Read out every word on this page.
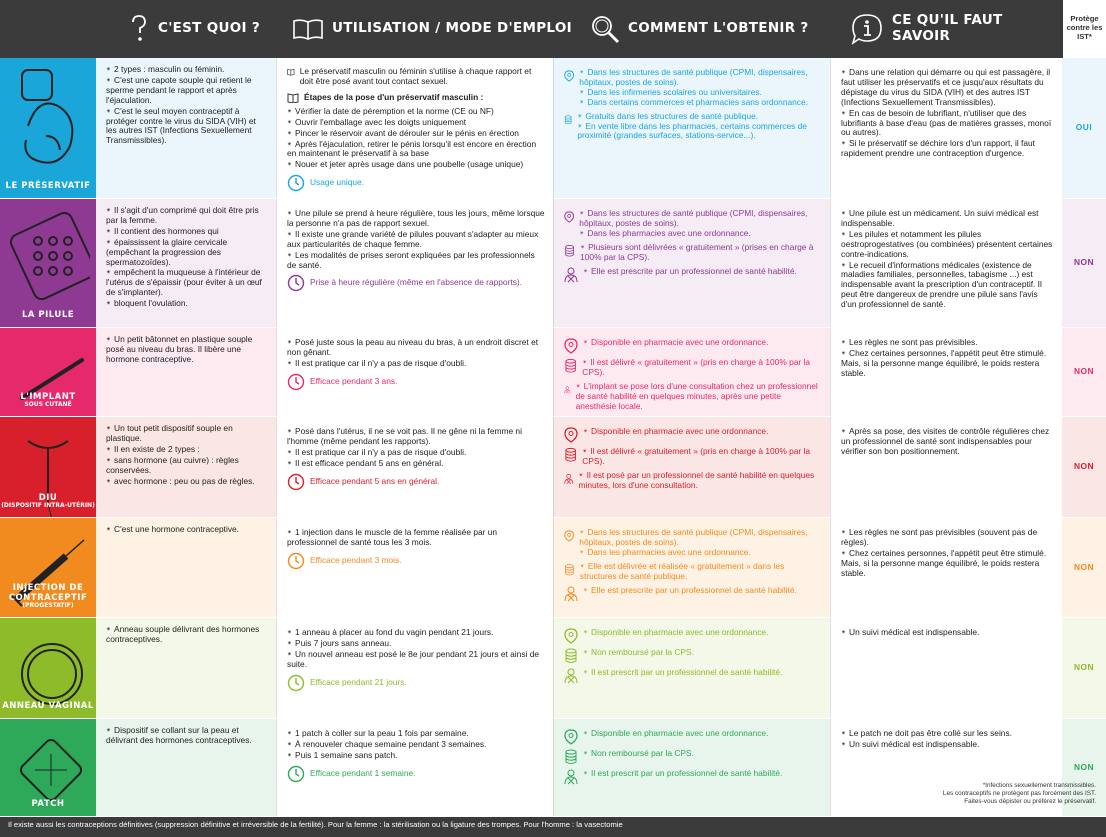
C'EST QUOI ?	UTILISATION / MODE D'EMPLOI	COMMENT L'OBTENIR ?	CE QU'IL FAUT
SAVOIR
Protège contre les IST*
LE PRÉSERVATIF
✴ 2 types : masculin ou féminin.
✴ C'est une capote souple qui retient le sperme pendant le rapport et après l'éjaculation.
✴ C'est le seul moyen contraceptif à protéger contre le virus du SIDA (VIH) et les autres IST (Infections Sexuellement Transmissibles).
Le préservatif masculin ou féminin s'utilise à chaque rapport et doit être posé avant tout contact sexuel.
Étapes de la pose d'un préservatif masculin :
✴ Vérifier la date de péremption et la norme (CE ou NF)
✴ Ouvrir l'emballage avec les doigts uniquement
✴ Pincer le réservoir avant de dérouler sur le pénis en érection
✴ Après l'éjaculation, retirer le pénis lorsqu'il est encore en érection en maintenant le préservatif à sa base
✴ Nouer et jeter après usage dans une poubelle (usage unique)
Usage unique.
✴ Dans les structures de santé publique (CPMI, dispensaires, hôpitaux, postes de soins).
✴ Dans les infirmeries scolaires ou universitaires.
✴ Dans certains commerces et pharmacies sans ordonnance.
✴ Gratuits dans les structures de santé publique.
✴ En vente libre dans les pharmacies, certains commerces de proximité (grandes surfaces, stations-service...).
✴ Dans une relation qui démarre ou qui est passagère, il faut utiliser les préservatifs et ce jusqu'aux résultats du dépistage du virus du SIDA (VIH) et des autres IST (Infections Sexuellement Transmissibles).
✴ En cas de besoin de lubrifiant, n'utiliser que des lubrifiants à base d'eau (pas de matières grasses, monoï ou autres).
✴ Si le préservatif se déchire lors d'un rapport, il faut rapidement prendre une contraception d'urgence.
OUI
LA PILULE
✴ Il s'agit d'un comprimé qui doit être pris par la femme.
✴ Il contient des hormones qui
✴ épaississent la glaire cervicale (empêchant la progression des spermatozoïdes).
✴ empêchent la muqueuse à l'intérieur de l'utérus de s'épaissir (pour éviter à un œuf de s'implanter).
✴ bloquent l'ovulation.
✴ Une pilule se prend à heure régulière, tous les jours, même lorsque la personne n'a pas de rapport sexuel.
✴ Il existe une grande variété de pilules pouvant s'adapter au mieux aux particularités de chaque femme.
✴ Les modalités de prises seront expliquées par les professionnels de santé.
Prise à heure régulière (même en l'absence de rapports).
✴ Dans les structures de santé publique (CPMI, dispensaires, hôpitaux, postes de soins).
✴ Dans les pharmacies avec une ordonnance.
✴ Plusieurs sont délivrées « gratuitement » (prises en charge à 100% par la CPS).
✴ Elle est prescrite par un professionnel de santé habilité.
✴ Une pilule est un médicament. Un suivi médical est indispensable.
✴ Les pilules et notamment les pilules oestroprogestatives (ou combinées) présentent certaines contre-indications.
✴ Le recueil d'informations médicales (existence de maladies familiales, personnelles, tabagisme ...) est indispensable avant la prescription d'un contraceptif. Il peut être dangereux de prendre une pilule sans l'avis d'un professionnel de santé.
NON
L'IMPLANT
SOUS CUTANÉ
✴ Un petit bâtonnet en plastique souple posé au niveau du bras. Il libère une hormone contraceptive.
✴ Posé juste sous la peau au niveau du bras, à un endroit discret et non gênant.
✴ Il est pratique car il n'y a pas de risque d'oubli.
Efficace pendant 3 ans.
✴ Disponible en pharmacie avec une ordonnance.
✴ Il est délivré « gratuitement » (pris en charge à 100% par la CPS).
✴ L'implant se pose lors d'une consultation chez un professionnel de santé habilité en quelques minutes, après une petite anesthésie locale.
✴ Les règles ne sont pas prévisibles.
✴ Chez certaines personnes, l'appétit peut être stimulé. Mais, si la personne mange équilibré, le poids restera stable.	NON
DIU
(DISPOSITIF INTRA-UTÉRIN)
✴ Un tout petit dispositif souple en plastique.
✴ Il en existe de 2 types :
✴ sans hormone (au cuivre) : règles conservées.
✴ avec hormone : peu ou pas de règles.
✴ Posé dans l'utérus, il ne se voit pas. Il ne gêne ni la femme ni l'homme (même pendant les rapports).
✴ Il est pratique car il n'y a pas de risque d'oubli.
✴ Il est efficace pendant 5 ans en général.
Efficace pendant 5 ans en général.
✴ Disponible en pharmacie avec une ordonnance.
✴ Il est délivré « gratuitement » (pris en charge à 100% par la CPS).
✴ Il est posé par un professionnel de santé habilité en quelques minutes, lors d'une consultation.
✴ Après sa pose, des visites de contrôle régulières chez un professionnel de santé sont indispensables pour vérifier son bon positionnement.
NON
INJECTION DE CONTRACEPTIF
(PROGESTATIF)
✴ C'est une hormone contraceptive.
✴	1 injection dans le muscle de la femme réalisée par un professionnel de santé tous les 3 mois.
Efficace pendant 3 mois.
✴ Dans les structures de santé publique (CPMI, dispensaires, hôpitaux, postes de soins).
✴ Dans les pharmacies avec une ordonnance.
✴ Elle est délivrée et réalisée « gratuitement » dans les structures de santé publique.
✴ Elle est prescrite par un professionnel de santé habilité.
✴ Les règles ne sont pas prévisibles (souvent pas de règles).
✴ Chez certaines personnes, l'appétit peut être stimulé. Mais, si la personne mange équilibré, le poids restera stable.
NON
ANNEAU VAGINAL
✴ Anneau souple délivrant des hormones contraceptives.
✴ 1 anneau à placer au fond du vagin pendant 21 jours.
✴ Puis 7 jours sans anneau.
✴ Un nouvel anneau est posé le 8e jour pendant 21 jours et ainsi de suite.
Efficace pendant 21 jours.
✴ Disponible en pharmacie avec une ordonnance.
✴ Non remboursé par la CPS.
✴ Il est prescrit par un professionnel de santé habilité.
✴ Un suivi médical est indispensable.
NON
PATCH
✴ Dispositif se collant sur la peau et délivrant des hormones contraceptives.
✴ 1 patch à coller sur la peau 1 fois par semaine.
✴ À renouveler chaque semaine pendant 3 semaines.
✴ Puis 1 semaine sans patch.
Efficace pendant 1 semaine.
✴ Disponible en pharmacie avec une ordonnance.
✴ Non remboursé par la CPS.
✴ Il est prescrit par un professionnel de santé habilité.
✴ Le patch ne doit pas être collé sur les seins.
✴ Un suivi médical est indispensable.
NON
*Infections sexuellement transmissibles.
Les contraceptifs ne protègent pas forcément des IST.
Faites-vous dépister ou préférez le préservatif.
Il existe aussi les contraceptions définitives (suppression définitive et irréversible de la fertilité). Pour la femme : la stérilisation ou la ligature des trompes. Pour l'homme : la vasectomie
